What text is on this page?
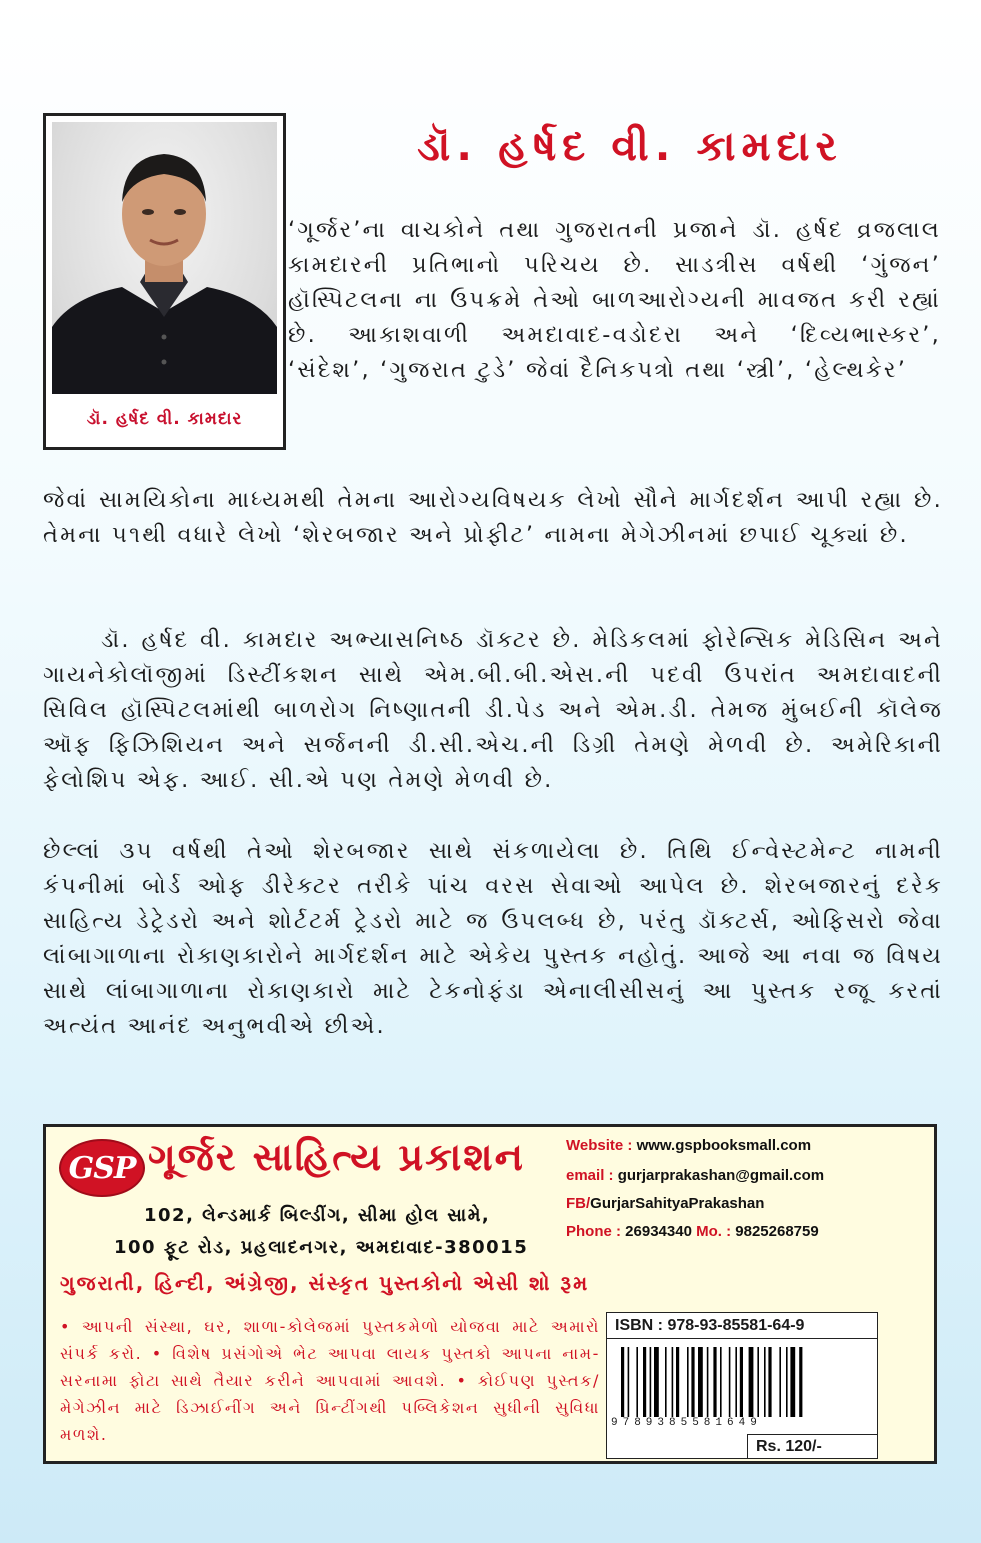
ડૉ. હર્ષદ વી. કામદાર
ડૉ. હર્ષદ વી. કામદાર

‘ગૂર્જર’ના વાચકોને તથા ગુજરાતની પ્રજાને ડૉ. હર્ષદ વ્રજલાલ કામદારની પ્રતિભાનો પરિચય છે. સાડત્રીસ વર્ષથી ‘ગુંજન’ હૉસ્પિટલના ના ઉપક્રમે તેઓ બાળઆરોગ્યની માવજત કરી રહ્યાં છે. આકાશવાળી અમદાવાદ-વડોદરા અને ‘દિવ્યભાસ્કર’, ‘સંદેશ’, ‘ગુજરાત ટુડે’ જેવાં દૈનિકપત્રો તથા ‘સ્ત્રી’, ‘હેલ્થકેર’

જેવાં સામયિકોના માધ્યમથી તેમના આરોગ્યવિષયક લેખો સૌને માર્ગદર્શન આપી રહ્યા છે. તેમના ૫૧થી વધારે લેખો ‘શેરબજાર અને પ્રોફીટ’ નામના મેગેઝીનમાં છપાઈ ચૂક્યાં છે.

ડૉ. હર્ષદ વી. કામદાર અભ્યાસનિષ્ઠ ડૉક્ટર છે. મેડિકલમાં ફોરેન્સિક મેડિસિન અને ગાયનેકોલૉજીમાં ડિસ્ટીંકશન સાથે એમ.બી.બી.એસ.ની પદવી ઉપરાંત અમદાવાદની સિવિલ હૉસ્પિટલમાંથી બાળરોગ નિષ્ણાતની ડી.પેડ અને એમ.ડી. તેમજ મુંબઈની કૉલેજ ઑફ ફિઝિશિયન અને સર્જનની ડી.સી.એચ.ની ડિગ્રી તેમણે મેળવી છે. અમેરિકાની ફેલોશિપ એફ. આઈ. સી.એ પણ તેમણે મેળવી છે.

છેલ્લાં ૩૫ વર્ષથી તેઓ શેરબજાર સાથે સંકળાયેલા છે. તિથિ ઈન્વેસ્ટમેન્ટ નામની કંપનીમાં બોર્ડ ઓફ ડીરેક્ટર તરીકે પાંચ વરસ સેવાઓ આપેલ છે. શેરબજારનું દરેક સાહિત્ય ડેટ્રેડરો અને શોર્ટટર્મ ટ્રેડરો માટે જ ઉપલબ્ધ છે, પરંતુ ડૉક્ટર્સ, ઓફિસરો જેવા લાંબાગાળાના રોકાણકારોને માર્ગદર્શન માટે એકેય પુસ્તક નહોતું. આજે આ નવા જ વિષય સાથે લાંબાગાળાના રોકાણકારો માટે ટેકનોફંડા એનાલીસીસનું આ પુસ્તક રજૂ કરતાં અત્યંત આનંદ અનુભવીએ છીએ.

GSP ગૂર્જર સાહિત્ય પ્રકાશન
102, લેન્ડમાર્ક બિલ્ડીંગ, સીમા હોલ સામે,
100 ફૂટ રોડ, પ્રહલાદનગર, અમદાવાદ-380015
Website : www.gspbooksmall.com
email : gurjarprakashan@gmail.com
FB/GurjarSahityaPrakashan
Phone : 26934340 Mo. : 9825268759
ગુજરાતી, હિન્દી, અંગ્રેજી, સંસ્કૃત પુસ્તકોનો એસી શો રૂમ

• આપની સંસ્થા, ઘર, શાળા-કોલેજમાં પુસ્તકમેળો યોજવા માટે અમારો સંપર્ક કરો. • વિશેષ પ્રસંગોએ ભેટ આપવા લાયક પુસ્તકો આપના નામ-સરનામા ફોટા સાથે તૈયાર કરીને આપવામાં આવશે. • કોઈપણ પુસ્તક/મેગેઝીન માટે ડિઝાઈનીંગ અને પ્રિન્ટીંગથી પબ્લિકેશન સુધીની સુવિધા મળશે.

ISBN : 978-93-85581-64-9
9789385581649
Rs. 120/-
